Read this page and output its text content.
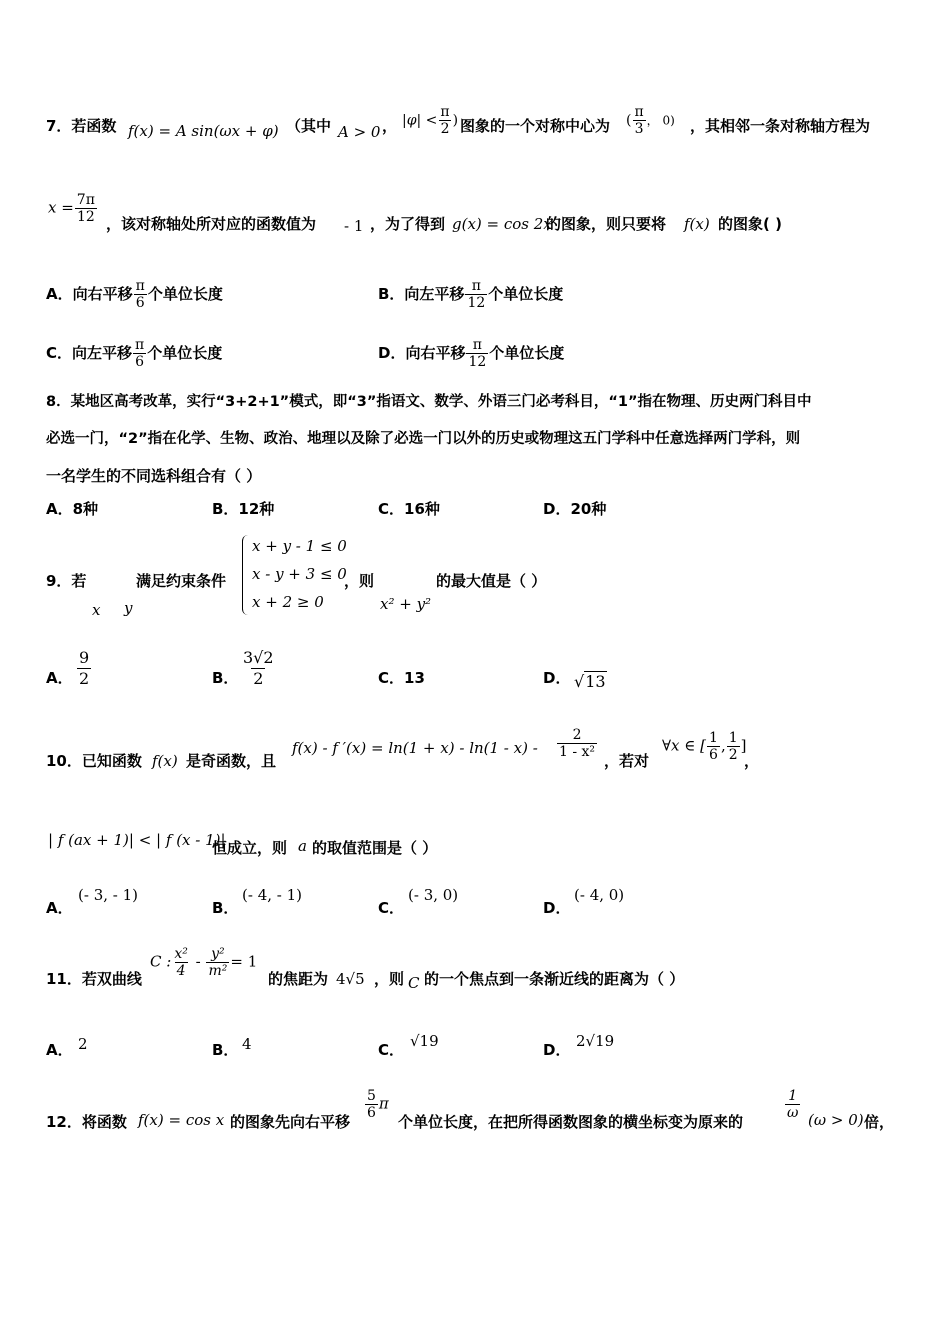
7．若函数 f(x) = A sin(ωx + φ) （其中 A > 0 ， $|\varphi| < \frac{\pi}{2}$ ) 图象的一个对称中心为 ( $\frac{\pi}{3}$ ， 0) ，其相邻一条对称轴方程为
$x = \frac{7\pi}{12}$ ，该对称轴处所对应的函数值为 - 1 ，为了得到 g(x) = cos 2x
的图象，则只要将 f(x) 的图象( )
A．向右平移 $\frac{\pi}{6}$ 个单位长度	B．向左平移 $\frac{\pi}{12}$ 个单位长度
C．向左平移 $\frac{\pi}{6}$ 个单位长度	D．向右平移 $\frac{\pi}{12}$ 个单位长度
8．某地区高考改革，实行“3+2+1”模式，即“3”指语文、数学、外语三门必考科目，“1”指在物理、历史两门科目中
必选一门，“2”指在化学、生物、政治、地理以及除了必选一门以外的历史或物理这五门学科中任意选择两门学科，则
一名学生的不同选科组合有（ ）
A．8种	B．12种	C．16种	D．20种
9．若
x y
满足约束条件
x + y - 1 ≤ 0
x - y + 3 ≤ 0
x + 2 ≥ 0
，则
x² + y²
的最大值是（ ）
A． $\frac{9}{2}$	B． $\frac{3√2}{2}$	C．13	D． √13
10．已知函数 f(x) 是奇函数，且
f(x) - f $'(x) = \ln(1 + x) - \ln(1 - x) - \frac{2}{\text{1 - x²}}$
，若对
∀x ∈ [ $\frac{1}{6}$ , $\frac{1}{2}$ ]
，
| f (ax + 1)| < | f (x - 1)|
恒成立，则 a 的取值范围是（ ）
A．
(- 3, - 1)
B．
(- 4, - 1)
C．
(- 3, 0)
D．
(- 4, 0)
11．若双曲线
C : $\frac{\text{x²}}{4} - \frac{\text{y²}}{\text{m²}} = 1$
的焦距为 4√5 ，则 C 的一个焦点到一条渐近线的距离为（ ）
A． 2	B． 4	C． √19	D． 2√19
12．将函数 f(x) = cos x 的图象先向右平移
$\frac{5}{6}$ π
个单位长度，在把所得函数图象的横坐标变为原来的
$\frac{1}{\omega} (\omega > 0)$ 倍，
